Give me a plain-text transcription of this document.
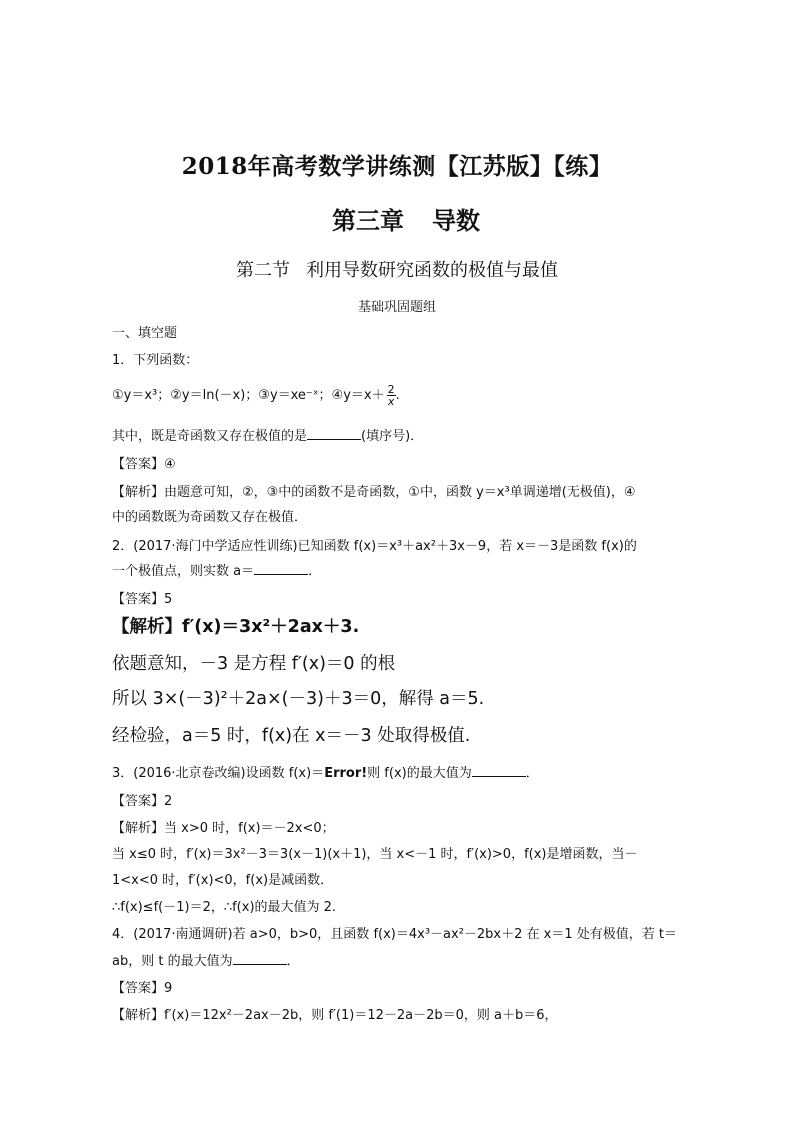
2018年高考数学讲练测【江苏版】【练】
第三章 导数
第二节 利用导数研究函数的极值与最值
基础巩固题组
一、填空题
1．下列函数：
①y＝x³；②y＝ln(－x)；③y＝xe⁻ˣ；④y＝x＋ $\frac{2}{x}$ .
其中，既是奇函数又存在极值的是	(填序号)．
【答案】④
【解析】由题意可知，②，③中的函数不是奇函数，①中，函数 y＝x³单调递增(无极值)，④
中的函数既为奇函数又存在极值．
2．(2017·海门中学适应性训练)已知函数 f(x)＝x³＋ax²＋3x－9，若 x＝－3是函数 f(x)的
一个极值点，则实数 a＝	．
【答案】5
【解析】f′(x)＝3x²＋2ax＋3.
依题意知，－3 是方程 f′(x)＝0 的根
所以 3×(－3)²＋2a×(－3)＋3＝0，解得 a＝5.
经检验，a＝5 时，f(x)在 x＝－3 处取得极值.
3．(2016·北京卷改编)设函数 f(x)＝Error!则 f(x)的最大值为	．
【答案】2
【解析】当 x>0 时，f(x)＝－2x<0；
当 x≤0 时，f′(x)＝3x²－3＝3(x－1)(x＋1)，当 x<－1 时，f′(x)>0，f(x)是增函数，当－
1<x<0 时，f′(x)<0，f(x)是减函数．
∴f(x)≤f(－1)＝2，∴f(x)的最大值为 2.
4．(2017·南通调研)若 a>0，b>0，且函数 f(x)＝4x³－ax²－2bx＋2 在 x＝1 处有极值，若 t＝
ab，则 t 的最大值为	．
【答案】9
【解析】f′(x)＝12x²－2ax－2b，则 f′(1)＝12－2a－2b＝0，则 a＋b＝6，
